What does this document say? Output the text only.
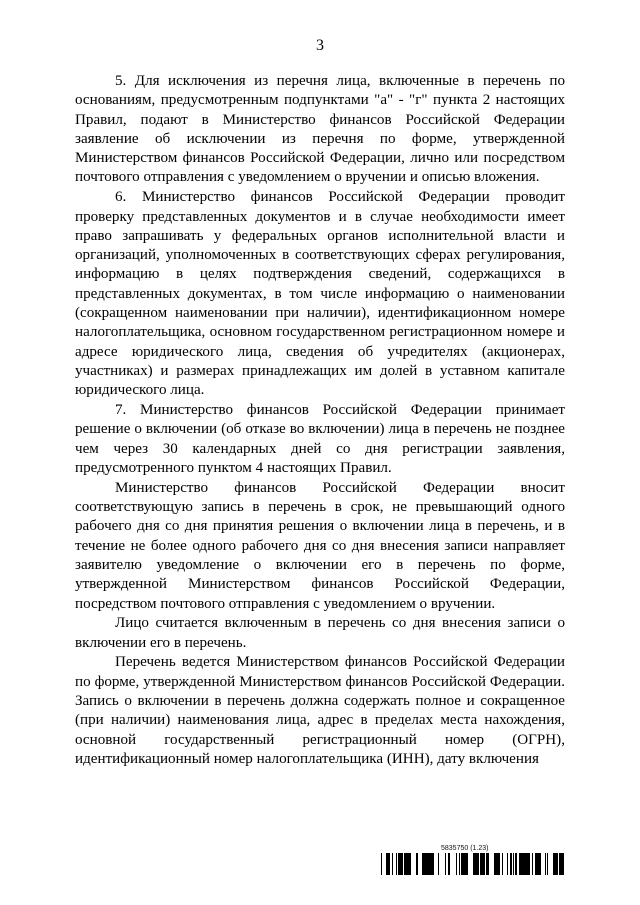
3

5. Для исключения из перечня лица, включенные в перечень по основаниям, предусмотренным подпунктами "а" - "г" пункта 2 настоящих Правил, подают в Министерство финансов Российской Федерации заявление об исключении из перечня по форме, утвержденной Министерством финансов Российской Федерации, лично или посредством почтового отправления с уведомлением о вручении и описью вложения.

6. Министерство финансов Российской Федерации проводит проверку представленных документов и в случае необходимости имеет право запрашивать у федеральных органов исполнительной власти и организаций, уполномоченных в соответствующих сферах регулирования, информацию в целях подтверждения сведений, содержащихся в представленных документах, в том числе информацию о наименовании (сокращенном наименовании при наличии), идентификационном номере налогоплательщика, основном государственном регистрационном номере и адресе юридического лица, сведения об учредителях (акционерах, участниках) и размерах принадлежащих им долей в уставном капитале юридического лица.

7. Министерство финансов Российской Федерации принимает решение о включении (об отказе во включении) лица в перечень не позднее чем через 30 календарных дней со дня регистрации заявления, предусмотренного пунктом 4 настоящих Правил.

Министерство финансов Российской Федерации вносит соответствующую запись в перечень в срок, не превышающий одного рабочего дня со дня принятия решения о включении лица в перечень, и в течение не более одного рабочего дня со дня внесения записи направляет заявителю уведомление о включении его в перечень по форме, утвержденной Министерством финансов Российской Федерации, посредством почтового отправления с уведомлением о вручении.

Лицо считается включенным в перечень со дня внесения записи о включении его в перечень.

Перечень ведется Министерством финансов Российской Федерации по форме, утвержденной Министерством финансов Российской Федерации. Запись о включении в перечень должна содержать полное и сокращенное (при наличии) наименования лица, адрес в пределах места нахождения, основной государственный регистрационный номер (ОГРН), идентификационный номер налогоплательщика (ИНН), дату включения

5835750 (1.23)
